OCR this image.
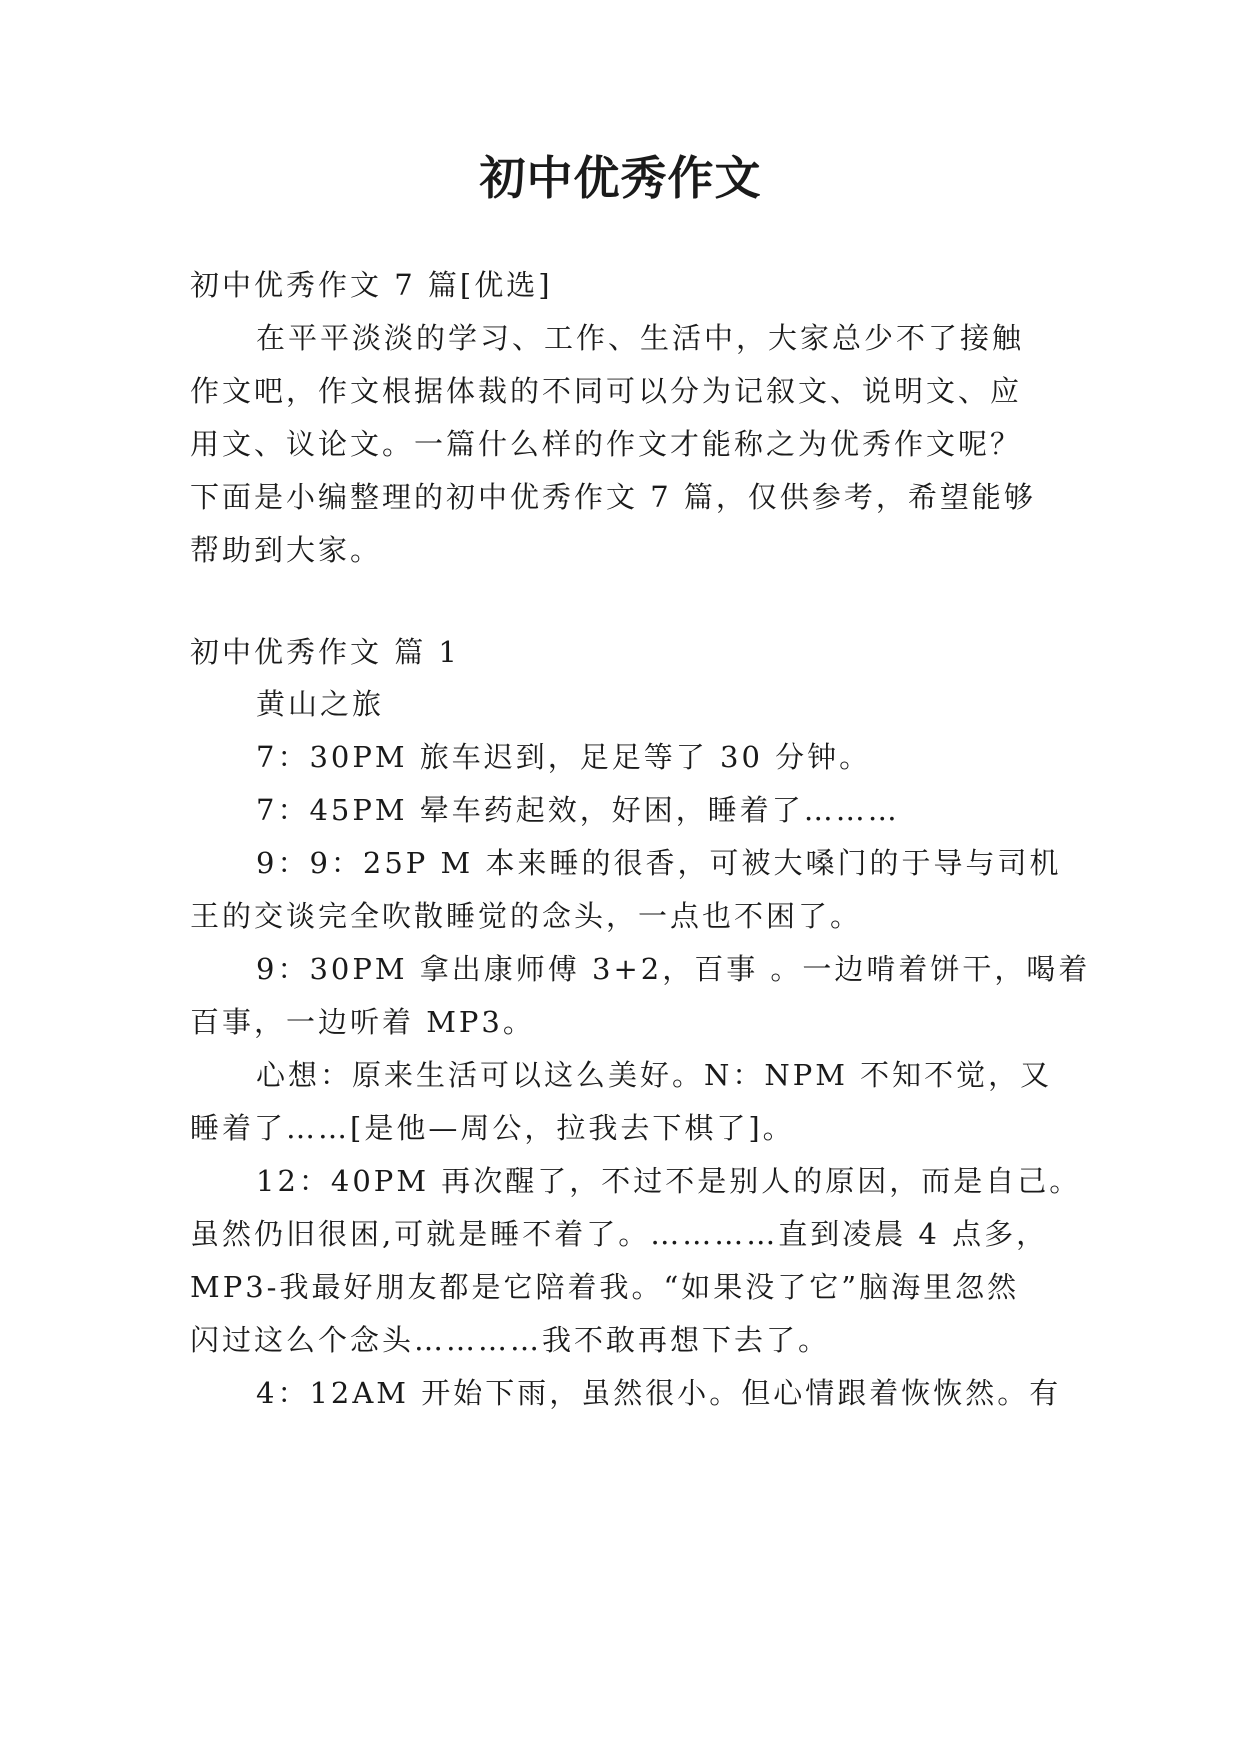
初中优秀作文

初中优秀作文 7 篇[优选]

在平平淡淡的学习、工作、生活中，大家总少不了接触

作文吧，作文根据体裁的不同可以分为记叙文、说明文、应

用文、议论文。一篇什么样的作文才能称之为优秀作文呢？

下面是小编整理的初中优秀作文 7 篇，仅供参考，希望能够

帮助到大家。

初中优秀作文 篇 1

黄山之旅

7：30PM 旅车迟到，足足等了 30 分钟。

7：45PM 晕车药起效，好困，睡着了………

9：9：25P M 本来睡的很香，可被大嗓门的于导与司机

王的交谈完全吹散睡觉的念头，一点也不困了。

9：30PM 拿出康师傅 3+2，百事 。一边啃着饼干，喝着

百事，一边听着 MP3。

心想：原来生活可以这么美好。N：NPM 不知不觉，又

睡着了……[是他—周公，拉我去下棋了]。

12：40PM 再次醒了，不过不是别人的原因，而是自己。

虽然仍旧很困,可就是睡不着了。…………直到凌晨 4 点多，

MP3-我最好朋友都是它陪着我。“如果没了它”脑海里忽然

闪过这么个念头…………我不敢再想下去了。

4：12AM 开始下雨，虽然很小。但心情跟着恢恢然。有
